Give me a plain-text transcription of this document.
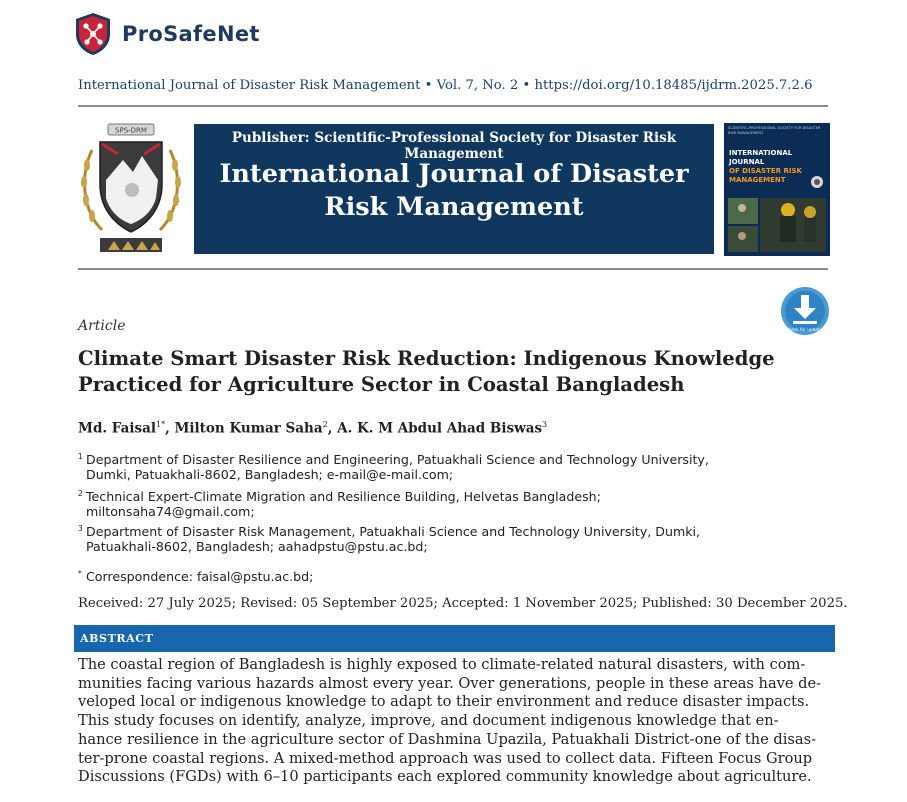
ProSafeNet
International Journal of Disaster Risk Management • Vol. 7, No. 2 • https://doi.org/10.18485/ijdrm.2025.7.2.6
SPS-DRM	Publisher: Scientific-Professional Society for Disaster Risk Management
International Journal of Disaster
Risk Management
SCIENTIFIC-PROFESSIONAL SOCIETY FOR DISASTER RISK MANAGEMENT
INTERNATIONAL JOURNAL
OF DISASTER RISK
MANAGEMENT
Check for updates
Article
Climate Smart Disaster Risk Reduction: Indigenous Knowledge
Practiced for Agriculture Sector in Coastal Bangladesh
Md. Faisal$^{1*}$, Milton Kumar Saha$^2$, A. K. M Abdul Ahad Biswas$^3$
1 Department of Disaster Resilience and Engineering, Patuakhali Science and Technology University,
Dumki, Patuakhali-8602, Bangladesh; e-mail@e-mail.com;
2 Technical Expert-Climate Migration and Resilience Building, Helvetas Bangladesh;
miltonsaha74@gmail.com;
3 Department of Disaster Risk Management, Patuakhali Science and Technology University, Dumki,
Patuakhali-8602, Bangladesh; aahadpstu@pstu.ac.bd;
* Correspondence: faisal@pstu.ac.bd;
Received: 27 July 2025; Revised: 05 September 2025; Accepted: 1 November 2025; Published: 30 December 2025.
ABSTRACT
The coastal region of Bangladesh is highly exposed to climate-related natural disasters, with com-
munities facing various hazards almost every year. Over generations, people in these areas have de-
veloped local or indigenous knowledge to adapt to their environment and reduce disaster impacts.
This study focuses on identify, analyze, improve, and document indigenous knowledge that en-
hance resilience in the agriculture sector of Dashmina Upazila, Patuakhali District-one of the disas-
ter-prone coastal regions. A mixed-method approach was used to collect data. Fifteen Focus Group
Discussions (FGDs) with 6–10 participants each explored community knowledge about agriculture.
